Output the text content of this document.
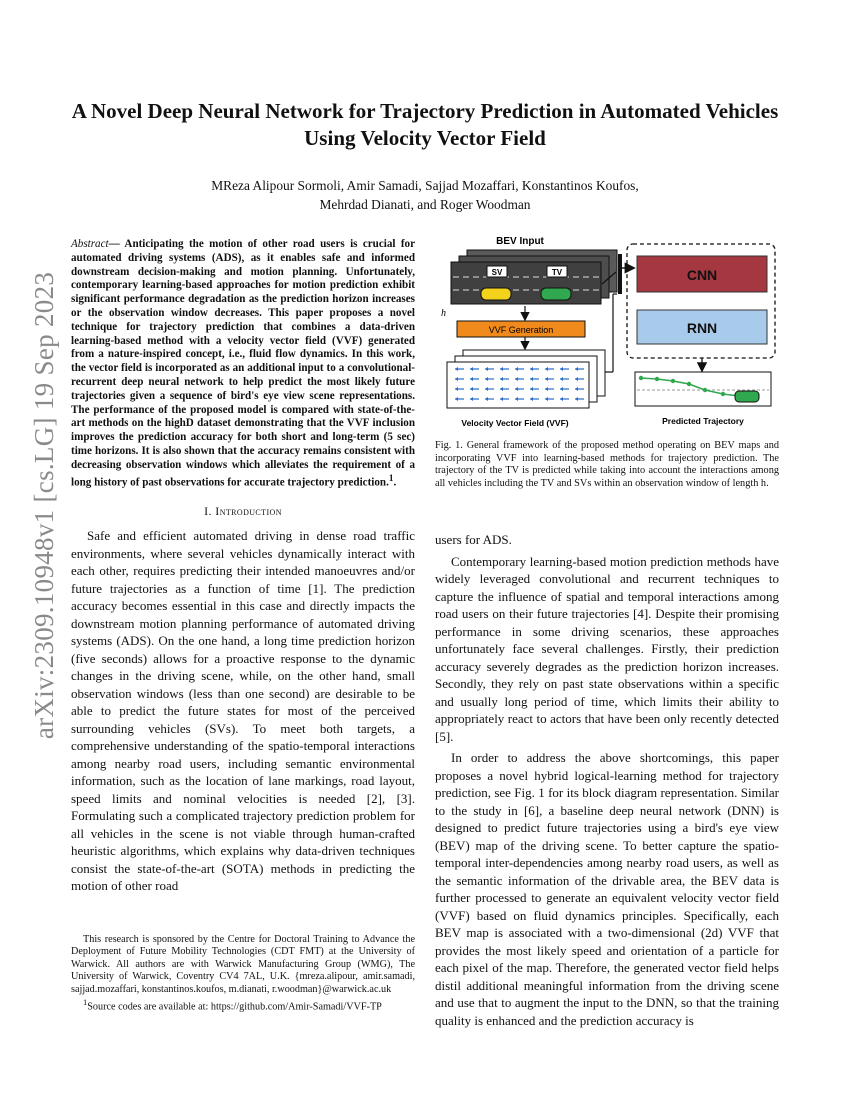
arXiv:2309.10948v1 [cs.LG] 19 Sep 2023
A Novel Deep Neural Network for Trajectory Prediction in Automated Vehicles Using Velocity Vector Field
MReza Alipour Sormoli, Amir Samadi, Sajjad Mozaffari, Konstantinos Koufos,
Mehrdad Dianati, and Roger Woodman
Abstract— Anticipating the motion of other road users is crucial for automated driving systems (ADS), as it enables safe and informed downstream decision-making and motion planning. Unfortunately, contemporary learning-based approaches for motion prediction exhibit significant performance degradation as the prediction horizon increases or the observation window decreases. This paper proposes a novel technique for trajectory prediction that combines a data-driven learning-based method with a velocity vector field (VVF) generated from a nature-inspired concept, i.e., fluid flow dynamics. In this work, the vector field is incorporated as an additional input to a convolutional-recurrent deep neural network to help predict the most likely future trajectories given a sequence of bird's eye view scene representations. The performance of the proposed model is compared with state-of-the-art methods on the highD dataset demonstrating that the VVF inclusion improves the prediction accuracy for both short and long-term (5 sec) time horizons. It is also shown that the accuracy remains consistent with decreasing observation windows which alleviates the requirement of a long history of past observations for accurate trajectory prediction.$^1$.
I. Introduction

Safe and efficient automated driving in dense road traffic environments, where several vehicles dynamically interact with each other, requires predicting their intended manoeuvres and/or future trajectories as a function of time [1]. The prediction accuracy becomes essential in this case and directly impacts the downstream motion planning performance of automated driving systems (ADS). On the one hand, a long time prediction horizon (five seconds) allows for a proactive response to the dynamic changes in the driving scene, while, on the other hand, small observation windows (less than one second) are desirable to be able to predict the future states for most of the perceived surrounding vehicles (SVs). To meet both targets, a comprehensive understanding of the spatio-temporal interactions among nearby road users, including semantic environmental information, such as the location of lane markings, road layout, speed limits and nominal velocities is needed [2], [3]. Formulating such a complicated trajectory prediction problem for all vehicles in the scene is not viable through human-crafted heuristic algorithms, which explains why data-driven techniques consist the state-of-the-art (SOTA) methods in predicting the motion of other road

This research is sponsored by the Centre for Doctoral Training to Advance the Deployment of Future Mobility Technologies (CDT FMT) at the University of Warwick. All authors are with Warwick Manufacturing Group (WMG), The University of Warwick, Coventry CV4 7AL, U.K. {mreza.alipour, amir.samadi, sajjad.mozaffari, konstantinos.koufos, m.dianati, r.woodman}@warwick.ac.uk

$^1$Source codes are available at: https://github.com/Amir-Samadi/VVF-TP

BEV Input
SV	TV
h
VVF Generation
Velocity Vector Field (VVF)
CNN
RNN
Predicted Trajectory
Fig. 1. General framework of the proposed method operating on BEV maps and incorporating VVF into learning-based methods for trajectory prediction. The trajectory of the TV is predicted while taking into account the interactions among all vehicles including the TV and SVs within an observation window of length h.

users for ADS.

Contemporary learning-based motion prediction methods have widely leveraged convolutional and recurrent techniques to capture the influence of spatial and temporal interactions among road users on their future trajectories [4]. Despite their promising performance in some driving scenarios, these approaches unfortunately face several challenges. Firstly, their prediction accuracy severely degrades as the prediction horizon increases. Secondly, they rely on past state observations within a specific and usually long period of time, which limits their ability to appropriately react to actors that have been only recently detected [5].

In order to address the above shortcomings, this paper proposes a novel hybrid logical-learning method for trajectory prediction, see Fig. 1 for its block diagram representation. Similar to the study in [6], a baseline deep neural network (DNN) is designed to predict future trajectories using a bird's eye view (BEV) map of the driving scene. To better capture the spatio-temporal inter-dependencies among nearby road users, as well as the semantic information of the drivable area, the BEV data is further processed to generate an equivalent velocity vector field (VVF) based on fluid dynamics principles. Specifically, each BEV map is associated with a two-dimensional (2d) VVF that provides the most likely speed and orientation of a particle for each pixel of the map. Therefore, the generated vector field helps distil additional meaningful information from the driving scene and use that to augment the input to the DNN, so that the training quality is enhanced and the prediction accuracy is
